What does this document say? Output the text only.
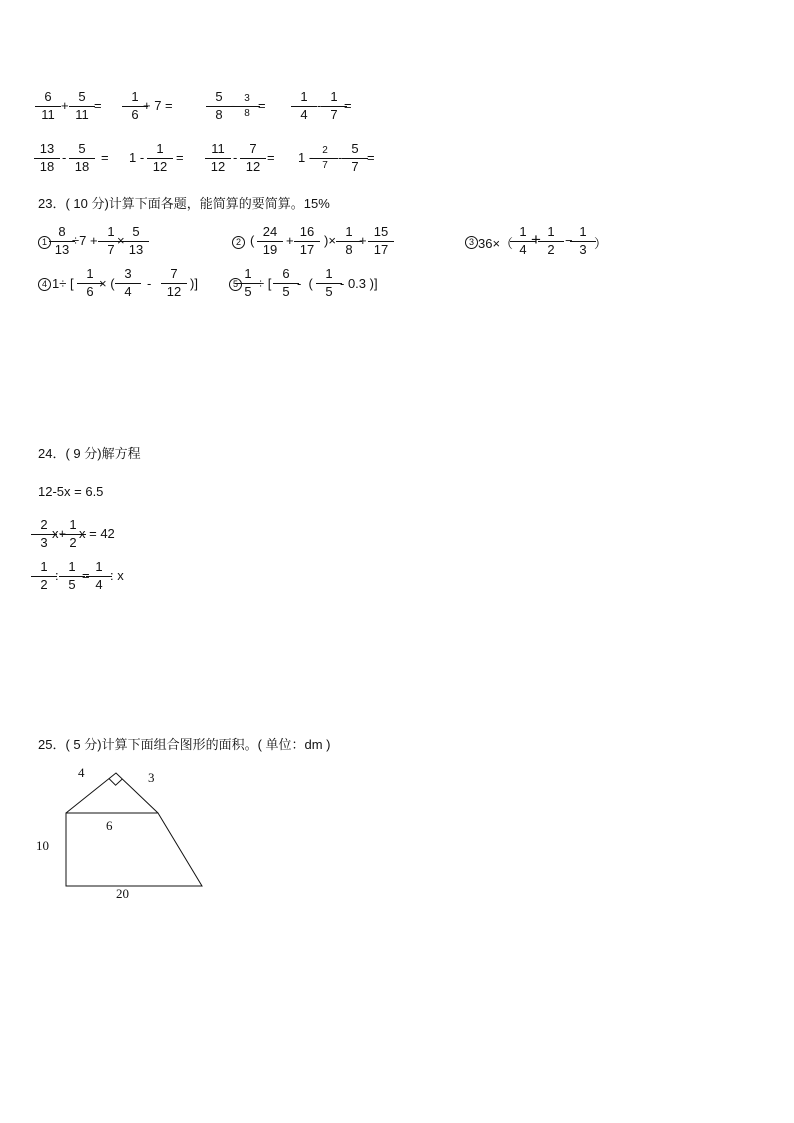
6
11
+
5
11
=
1
6
+ 7 =
5
8
- 3
8
=
1
4
-
1
7
=
13
18
-
5
18
= 1 -
1
12
=
11
12
-
7
12
= 1 - 2
7
-
5
7
=
23．( 10 分)计算下面各题，能简算的要简算。15%
1
8
13
÷7 +
1
7
×
5
13	2 (
24
19
+
16
17
)×
1
8
+
15
17	3 36×（
1
4
+ 1
2
−
1
3 ）
4 1÷ [
1
6
× (
3
4
-
7
12
)]	5
1
5
÷ [
6
5
-  (
1
5
- 0.3 )]
24．( 9 分)解方程
12-5x = 6.5
2
3
x+
1
2
x = 42
1
2
:
1
5
=
1
4
: x
25．( 5 分)计算下面组合图形的面积。( 单位：dm )
4	3
6
10
20
